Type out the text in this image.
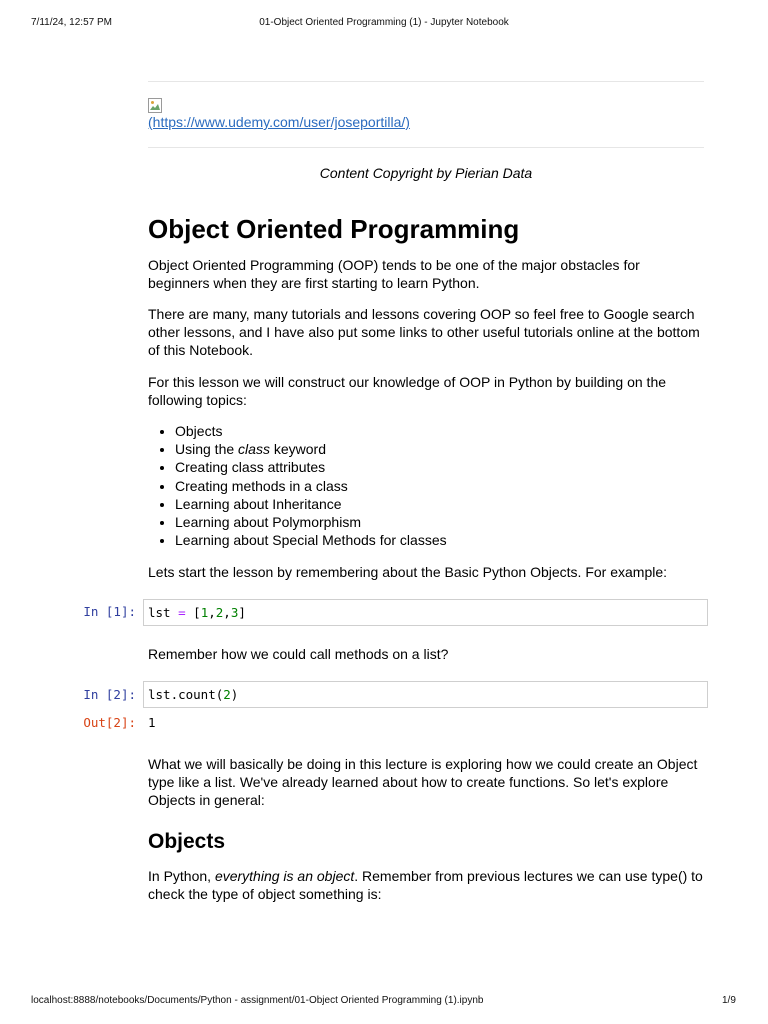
7/11/24, 12:57 PM	01-Object Oriented Programming (1) - Jupyter Notebook
(https://www.udemy.com/user/joseportilla/)
Content Copyright by Pierian Data
Object Oriented Programming

Object Oriented Programming (OOP) tends to be one of the major obstacles for beginners when they are first starting to learn Python.

There are many, many tutorials and lessons covering OOP so feel free to Google search other lessons, and I have also put some links to other useful tutorials online at the bottom of this Notebook.

For this lesson we will construct our knowledge of OOP in Python by building on the following topics:

• Objects
• Using the class keyword
• Creating class attributes
• Creating methods in a class
• Learning about Inheritance
• Learning about Polymorphism
• Learning about Special Methods for classes

Lets start the lesson by remembering about the Basic Python Objects. For example:

In [1]: lst = [1,2,3]

Remember how we could call methods on a list?

In [2]: lst.count(2)
Out[2]: 1

What we will basically be doing in this lecture is exploring how we could create an Object type like a list. We've already learned about how to create functions. So let's explore Objects in general:

Objects

In Python, everything is an object. Remember from previous lectures we can use type() to check the type of object something is:

localhost:8888/notebooks/Documents/Python - assignment/01-Object Oriented Programming (1).ipynb	1/9
